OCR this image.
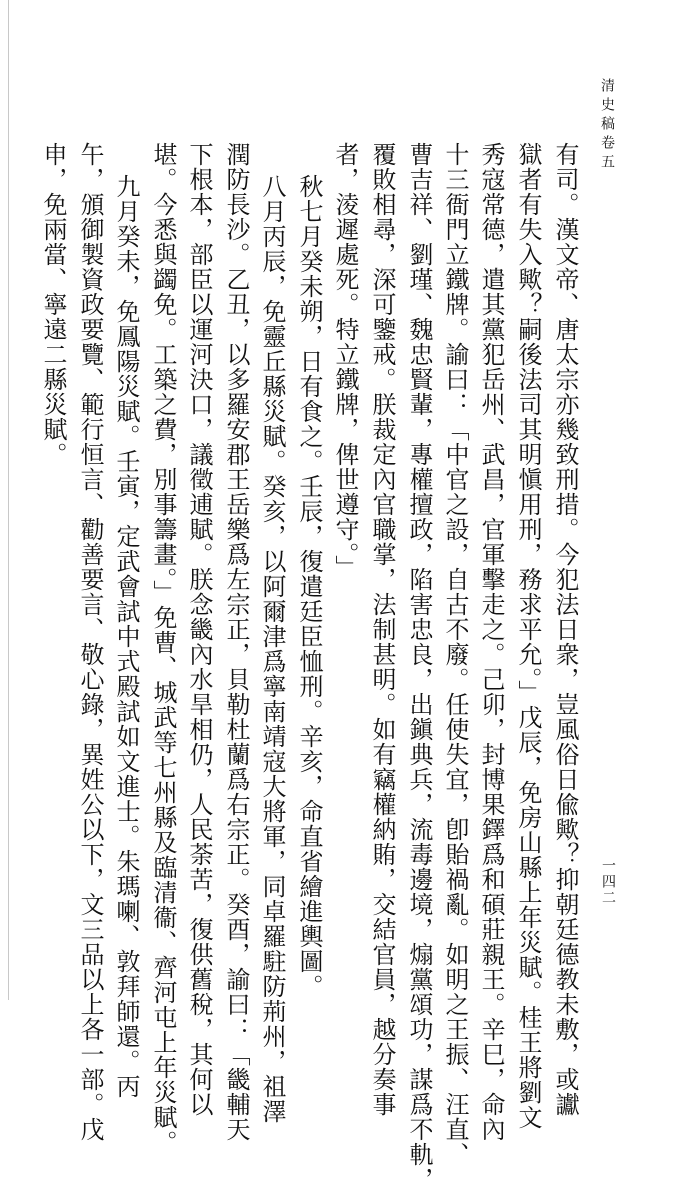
清史稿卷五
一四二
有司。漢文帝、唐太宗亦幾致刑措。今犯法日衆，豈風俗日偸歟？抑朝廷德教未敷，或讞
獄者有失入歟？嗣後法司其明愼用刑，務求平允。」戊辰，免房山縣上年災賦。桂王將劉文
秀寇常德，遣其黨犯岳州、武昌，官軍擊走之。己卯，封博果鐸爲和碩莊親王。辛巳，命內
十三衙門立鐵牌。諭曰：「中官之設，自古不廢。任使失宜，卽貽禍亂。如明之王振、汪直、
曹吉祥、劉瑾、魏忠賢輩，專權擅政，陷害忠良，出鎭典兵，流毒邊境，煽黨頌功，謀爲不軌，
覆敗相尋，深可鑒戒。朕裁定內官職掌，法制甚明。如有竊權納賄，交結官員，越分奏事
者，淩遲處死。特立鐵牌，俾世遵守。」
秋七月癸未朔，日有食之。壬辰，復遣廷臣恤刑。辛亥，命直省繪進輿圖。
八月丙辰，免靈丘縣災賦。癸亥，以阿爾津爲寧南靖寇大將軍，同卓羅駐防荊州，祖澤
潤防長沙。乙丑，以多羅安郡王岳樂爲左宗正，貝勒杜蘭爲右宗正。癸酉，諭曰：「畿輔天
下根本，部臣以運河決口，議徵逋賦。朕念畿內水旱相仍，人民荼苦，復供舊稅，其何以
堪。今悉與蠲免。工築之費，別事籌畫。」免曹、城武等七州縣及臨清衞、齊河屯上年災賦。
九月癸未，免鳳陽災賦。壬寅，定武會試中式殿試如文進士。朱瑪喇、敦拜師還。丙
午，頒御製資政要覽、範行恒言、勸善要言、敬心錄，異姓公以下，文三品以上各一部。戊
申，免兩當、寧遠二縣災賦。
